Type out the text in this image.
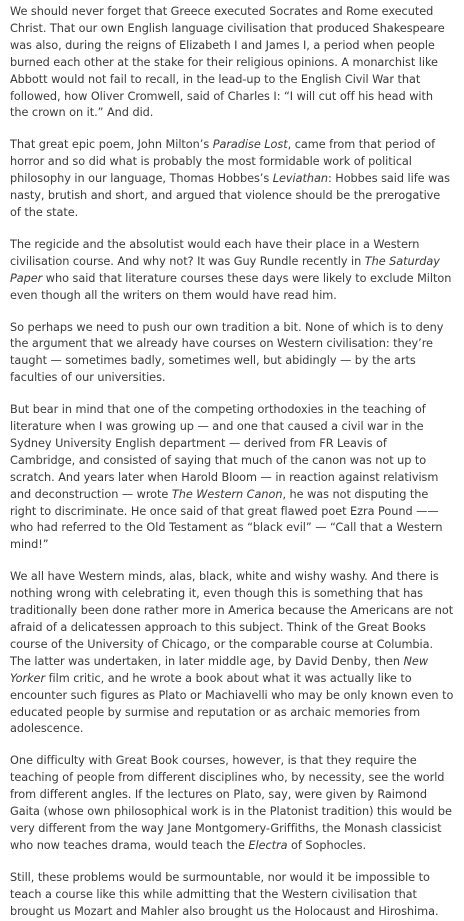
We should never forget that Greece executed Socrates and Rome executed Christ. That our own English language civilisation that produced Shakespeare was also, during the reigns of Elizabeth I and James I, a period when people burned each other at the stake for their religious opinions. A monarchist like Abbott would not fail to recall, in the lead-up to the English Civil War that followed, how Oliver Cromwell, said of Charles I: “I will cut off his head with the crown on it.” And did.

That great epic poem, John Milton’s Paradise Lost, came from that period of horror and so did what is probably the most formidable work of political philosophy in our language, Thomas Hobbes’s Leviathan: Hobbes said life was nasty, brutish and short, and argued that violence should be the prerogative of the state.

The regicide and the absolutist would each have their place in a Western civilisation course. And why not? It was Guy Rundle recently in The Saturday Paper who said that literature courses these days were likely to exclude Milton even though all the writers on them would have read him.

So perhaps we need to push our own tradition a bit. None of which is to deny the argument that we already have courses on Western civilisation: they’re taught — sometimes badly, sometimes well, but abidingly — by the arts faculties of our universities.

But bear in mind that one of the competing orthodoxies in the teaching of literature when I was growing up — and one that caused a civil war in the Sydney University English department — derived from FR Leavis of Cambridge, and consisted of saying that much of the canon was not up to scratch. And years later when Harold Bloom — in reaction against relativism and deconstruction — wrote The Western Canon, he was not disputing the right to discriminate. He once said of that great flawed poet Ezra Pound —— who had referred to the Old Testament as “black evil” — “Call that a Western mind!”

We all have Western minds, alas, black, white and wishy washy. And there is nothing wrong with celebrating it, even though this is something that has traditionally been done rather more in America because the Americans are not afraid of a delicatessen approach to this subject. Think of the Great Books course of the University of Chicago, or the comparable course at Columbia. The latter was undertaken, in later middle age, by David Denby, then New Yorker film critic, and he wrote a book about what it was actually like to encounter such figures as Plato or Machiavelli who may be only known even to educated people by surmise and reputation or as archaic memories from adolescence.

One difficulty with Great Book courses, however, is that they require the teaching of people from different disciplines who, by necessity, see the world from different angles. If the lectures on Plato, say, were given by Raimond Gaita (whose own philosophical work is in the Platonist tradition) this would be very different from the way Jane Montgomery-Griffiths, the Monash classicist who now teaches drama, would teach the Electra of Sophocles.

Still, these problems would be surmountable, nor would it be impossible to teach a course like this while admitting that the Western civilisation that brought us Mozart and Mahler also brought us the Holocaust and Hiroshima.
